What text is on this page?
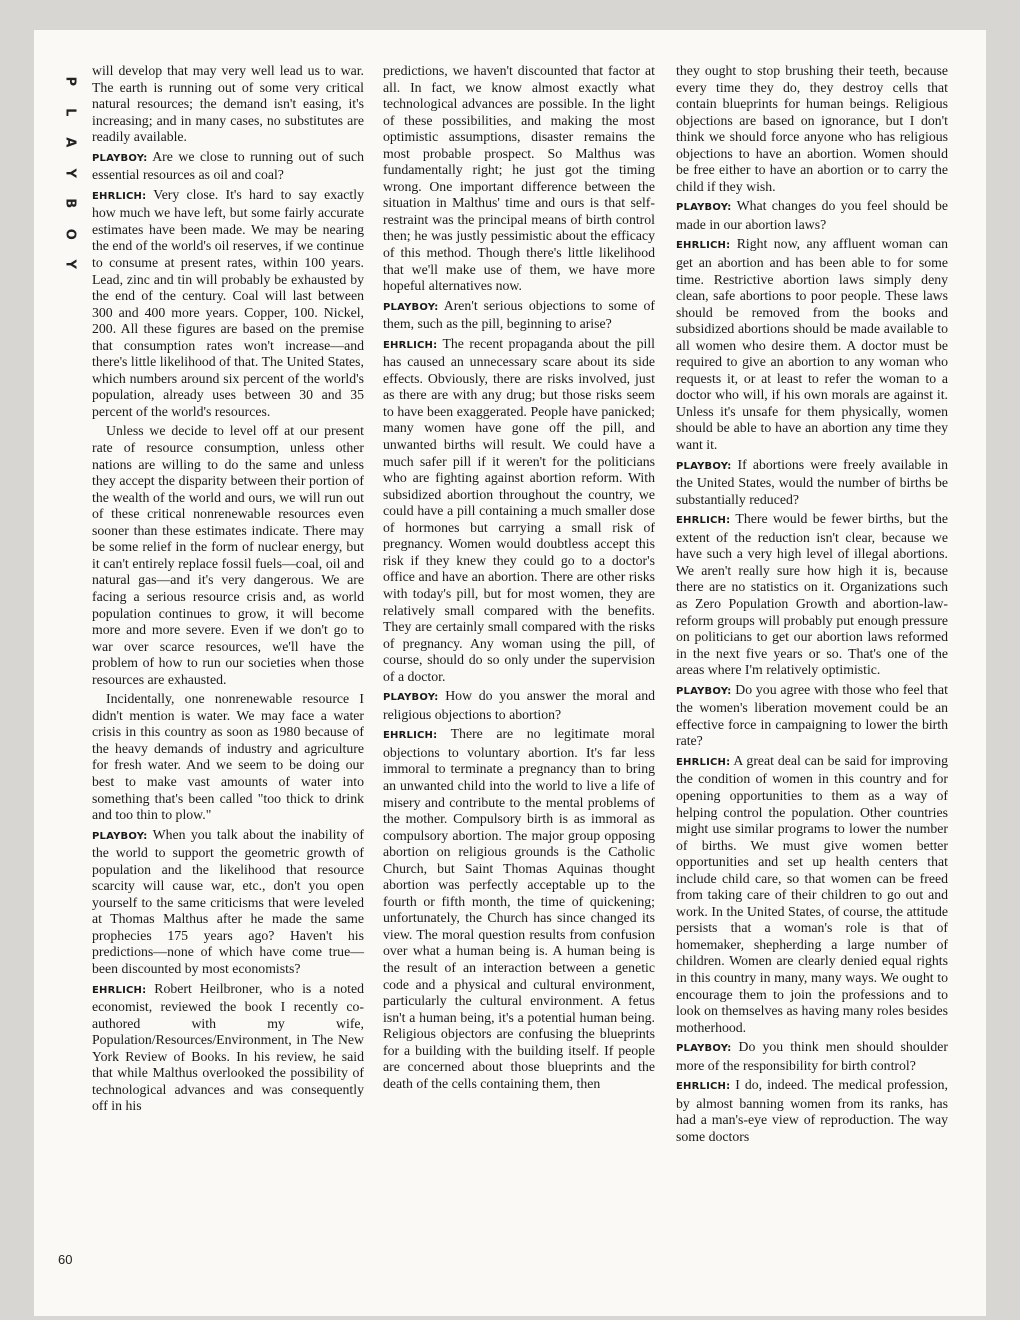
P
L
A
Y
B
O
Y
60

will develop that may very well lead us to war. The earth is running out of some very critical natural resources; the demand isn't easing, it's increasing; and in many cases, no substitutes are readily available.

PLAYBOY: Are we close to running out of such essential resources as oil and coal?

EHRLICH: Very close. It's hard to say exactly how much we have left, but some fairly accurate estimates have been made. We may be nearing the end of the world's oil reserves, if we continue to consume at present rates, within 100 years. Lead, zinc and tin will probably be exhausted by the end of the century. Coal will last between 300 and 400 more years. Copper, 100. Nickel, 200. All these figures are based on the premise that consumption rates won't increase—and there's little likelihood of that. The United States, which numbers around six percent of the world's population, already uses between 30 and 35 percent of the world's resources.

Unless we decide to level off at our present rate of resource consumption, unless other nations are willing to do the same and unless they accept the disparity between their portion of the wealth of the world and ours, we will run out of these critical nonrenewable resources even sooner than these estimates indicate. There may be some relief in the form of nuclear energy, but it can't entirely replace fossil fuels—coal, oil and natural gas—and it's very dangerous. We are facing a serious resource crisis and, as world population continues to grow, it will become more and more severe. Even if we don't go to war over scarce resources, we'll have the problem of how to run our societies when those resources are exhausted.

Incidentally, one nonrenewable resource I didn't mention is water. We may face a water crisis in this country as soon as 1980 because of the heavy demands of industry and agriculture for fresh water. And we seem to be doing our best to make vast amounts of water into something that's been called "too thick to drink and too thin to plow."

PLAYBOY: When you talk about the inability of the world to support the geometric growth of population and the likelihood that resource scarcity will cause war, etc., don't you open yourself to the same criticisms that were leveled at Thomas Malthus after he made the same prophecies 175 years ago? Haven't his predictions—none of which have come true—been discounted by most economists?

EHRLICH: Robert Heilbroner, who is a noted economist, reviewed the book I recently co-authored with my wife, Population/Resources/Environment, in The New York Review of Books. In his review, he said that while Malthus overlooked the possibility of technological advances and was consequently off in his

predictions, we haven't discounted that factor at all. In fact, we know almost exactly what technological advances are possible. In the light of these possibilities, and making the most optimistic assumptions, disaster remains the most probable prospect. So Malthus was fundamentally right; he just got the timing wrong. One important difference between the situation in Malthus' time and ours is that self-restraint was the principal means of birth control then; he was justly pessimistic about the efficacy of this method. Though there's little likelihood that we'll make use of them, we have more hopeful alternatives now.

PLAYBOY: Aren't serious objections to some of them, such as the pill, beginning to arise?

EHRLICH: The recent propaganda about the pill has caused an unnecessary scare about its side effects. Obviously, there are risks involved, just as there are with any drug; but those risks seem to have been exaggerated. People have panicked; many women have gone off the pill, and unwanted births will result. We could have a much safer pill if it weren't for the politicians who are fighting against abortion reform. With subsidized abortion throughout the country, we could have a pill containing a much smaller dose of hormones but carrying a small risk of pregnancy. Women would doubtless accept this risk if they knew they could go to a doctor's office and have an abortion. There are other risks with today's pill, but for most women, they are relatively small compared with the benefits. They are certainly small compared with the risks of pregnancy. Any woman using the pill, of course, should do so only under the supervision of a doctor.

PLAYBOY: How do you answer the moral and religious objections to abortion?

EHRLICH: There are no legitimate moral objections to voluntary abortion. It's far less immoral to terminate a pregnancy than to bring an unwanted child into the world to live a life of misery and contribute to the mental problems of the mother. Compulsory birth is as immoral as compulsory abortion. The major group opposing abortion on religious grounds is the Catholic Church, but Saint Thomas Aquinas thought abortion was perfectly acceptable up to the fourth or fifth month, the time of quickening; unfortunately, the Church has since changed its view. The moral question results from confusion over what a human being is. A human being is the result of an interaction between a genetic code and a physical and cultural environment, particularly the cultural environment. A fetus isn't a human being, it's a potential human being. Religious objectors are confusing the blueprints for a building with the building itself. If people are concerned about those blueprints and the death of the cells containing them, then

they ought to stop brushing their teeth, because every time they do, they destroy cells that contain blueprints for human beings. Religious objections are based on ignorance, but I don't think we should force anyone who has religious objections to have an abortion. Women should be free either to have an abortion or to carry the child if they wish.

PLAYBOY: What changes do you feel should be made in our abortion laws?

EHRLICH: Right now, any affluent woman can get an abortion and has been able to for some time. Restrictive abortion laws simply deny clean, safe abortions to poor people. These laws should be removed from the books and subsidized abortions should be made available to all women who desire them. A doctor must be required to give an abortion to any woman who requests it, or at least to refer the woman to a doctor who will, if his own morals are against it. Unless it's unsafe for them physically, women should be able to have an abortion any time they want it.

PLAYBOY: If abortions were freely available in the United States, would the number of births be substantially reduced?

EHRLICH: There would be fewer births, but the extent of the reduction isn't clear, because we have such a very high level of illegal abortions. We aren't really sure how high it is, because there are no statistics on it. Organizations such as Zero Population Growth and abortion-law-reform groups will probably put enough pressure on politicians to get our abortion laws reformed in the next five years or so. That's one of the areas where I'm relatively optimistic.

PLAYBOY: Do you agree with those who feel that the women's liberation movement could be an effective force in campaigning to lower the birth rate?

EHRLICH: A great deal can be said for improving the condition of women in this country and for opening opportunities to them as a way of helping control the population. Other countries might use similar programs to lower the number of births. We must give women better opportunities and set up health centers that include child care, so that women can be freed from taking care of their children to go out and work. In the United States, of course, the attitude persists that a woman's role is that of homemaker, shepherding a large number of children. Women are clearly denied equal rights in this country in many, many ways. We ought to encourage them to join the professions and to look on themselves as having many roles besides motherhood.

PLAYBOY: Do you think men should shoulder more of the responsibility for birth control?

EHRLICH: I do, indeed. The medical profession, by almost banning women from its ranks, has had a man's-eye view of reproduction. The way some doctors
